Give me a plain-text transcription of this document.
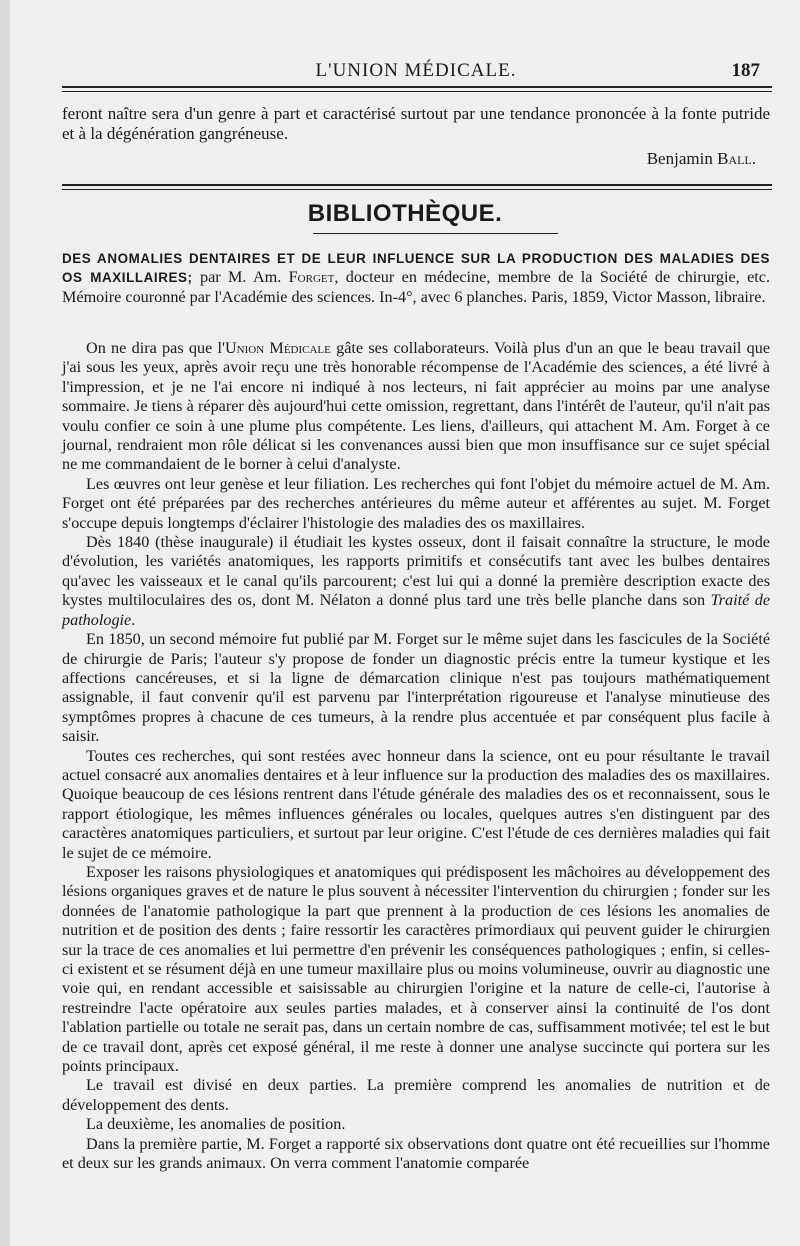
L'UNION MÉDICALE.	187
feront naître sera d'un genre à part et caractérisé surtout par une tendance prononcée à la fonte putride et à la dégénération gangréneuse.
Benjamin Ball.
BIBLIOTHÈQUE.
DES ANOMALIES DENTAIRES ET DE LEUR INFLUENCE SUR LA PRODUCTION DES MALADIES DES OS MAXILLAIRES; par M. Am. Forget, docteur en médecine, membre de la Société de chirurgie, etc. Mémoire couronné par l'Académie des sciences. In-4°, avec 6 planches. Paris, 1859, Victor Masson, libraire.

On ne dira pas que l'Union Médicale gâte ses collaborateurs. Voilà plus d'un an que le beau travail que j'ai sous les yeux, après avoir reçu une très honorable récompense de l'Académie des sciences, a été livré à l'impression, et je ne l'ai encore ni indiqué à nos lecteurs, ni fait apprécier au moins par une analyse sommaire. Je tiens à réparer dès aujourd'hui cette omission, regrettant, dans l'intérêt de l'auteur, qu'il n'ait pas voulu confier ce soin à une plume plus compétente. Les liens, d'ailleurs, qui attachent M. Am. Forget à ce journal, rendraient mon rôle délicat si les convenances aussi bien que mon insuffisance sur ce sujet spécial ne me commandaient de le borner à celui d'analyste.

Les œuvres ont leur genèse et leur filiation. Les recherches qui font l'objet du mémoire actuel de M. Am. Forget ont été préparées par des recherches antérieures du même auteur et afférentes au sujet. M. Forget s'occupe depuis longtemps d'éclairer l'histologie des maladies des os maxillaires.

Dès 1840 (thèse inaugurale) il étudiait les kystes osseux, dont il faisait connaître la structure, le mode d'évolution, les variétés anatomiques, les rapports primitifs et consécutifs tant avec les bulbes dentaires qu'avec les vaisseaux et le canal qu'ils parcourent; c'est lui qui a donné la première description exacte des kystes multiloculaires des os, dont M. Nélaton a donné plus tard une très belle planche dans son Traité de pathologie.

En 1850, un second mémoire fut publié par M. Forget sur le même sujet dans les fascicules de la Société de chirurgie de Paris; l'auteur s'y propose de fonder un diagnostic précis entre la tumeur kystique et les affections cancéreuses, et si la ligne de démarcation clinique n'est pas toujours mathématiquement assignable, il faut convenir qu'il est parvenu par l'interprétation rigoureuse et l'analyse minutieuse des symptômes propres à chacune de ces tumeurs, à la rendre plus accentuée et par conséquent plus facile à saisir.

Toutes ces recherches, qui sont restées avec honneur dans la science, ont eu pour résultante le travail actuel consacré aux anomalies dentaires et à leur influence sur la production des maladies des os maxillaires. Quoique beaucoup de ces lésions rentrent dans l'étude générale des maladies des os et reconnaissent, sous le rapport étiologique, les mêmes influences générales ou locales, quelques autres s'en distinguent par des caractères anatomiques particuliers, et surtout par leur origine. C'est l'étude de ces dernières maladies qui fait le sujet de ce mémoire.

Exposer les raisons physiologiques et anatomiques qui prédisposent les mâchoires au développement des lésions organiques graves et de nature le plus souvent à nécessiter l'intervention du chirurgien ; fonder sur les données de l'anatomie pathologique la part que prennent à la production de ces lésions les anomalies de nutrition et de position des dents ; faire ressortir les caractères primordiaux qui peuvent guider le chirurgien sur la trace de ces anomalies et lui permettre d'en prévenir les conséquences pathologiques ; enfin, si celles-ci existent et se résument déjà en une tumeur maxillaire plus ou moins volumineuse, ouvrir au diagnostic une voie qui, en rendant accessible et saisissable au chirurgien l'origine et la nature de celle-ci, l'autorise à restreindre l'acte opératoire aux seules parties malades, et à conserver ainsi la continuité de l'os dont l'ablation partielle ou totale ne serait pas, dans un certain nombre de cas, suffisamment motivée; tel est le but de ce travail dont, après cet exposé général, il me reste à donner une analyse succincte qui portera sur les points principaux.

Le travail est divisé en deux parties. La première comprend les anomalies de nutrition et de développement des dents.

La deuxième, les anomalies de position.

Dans la première partie, M. Forget a rapporté six observations dont quatre ont été recueillies sur l'homme et deux sur les grands animaux. On verra comment l'anatomie comparée
